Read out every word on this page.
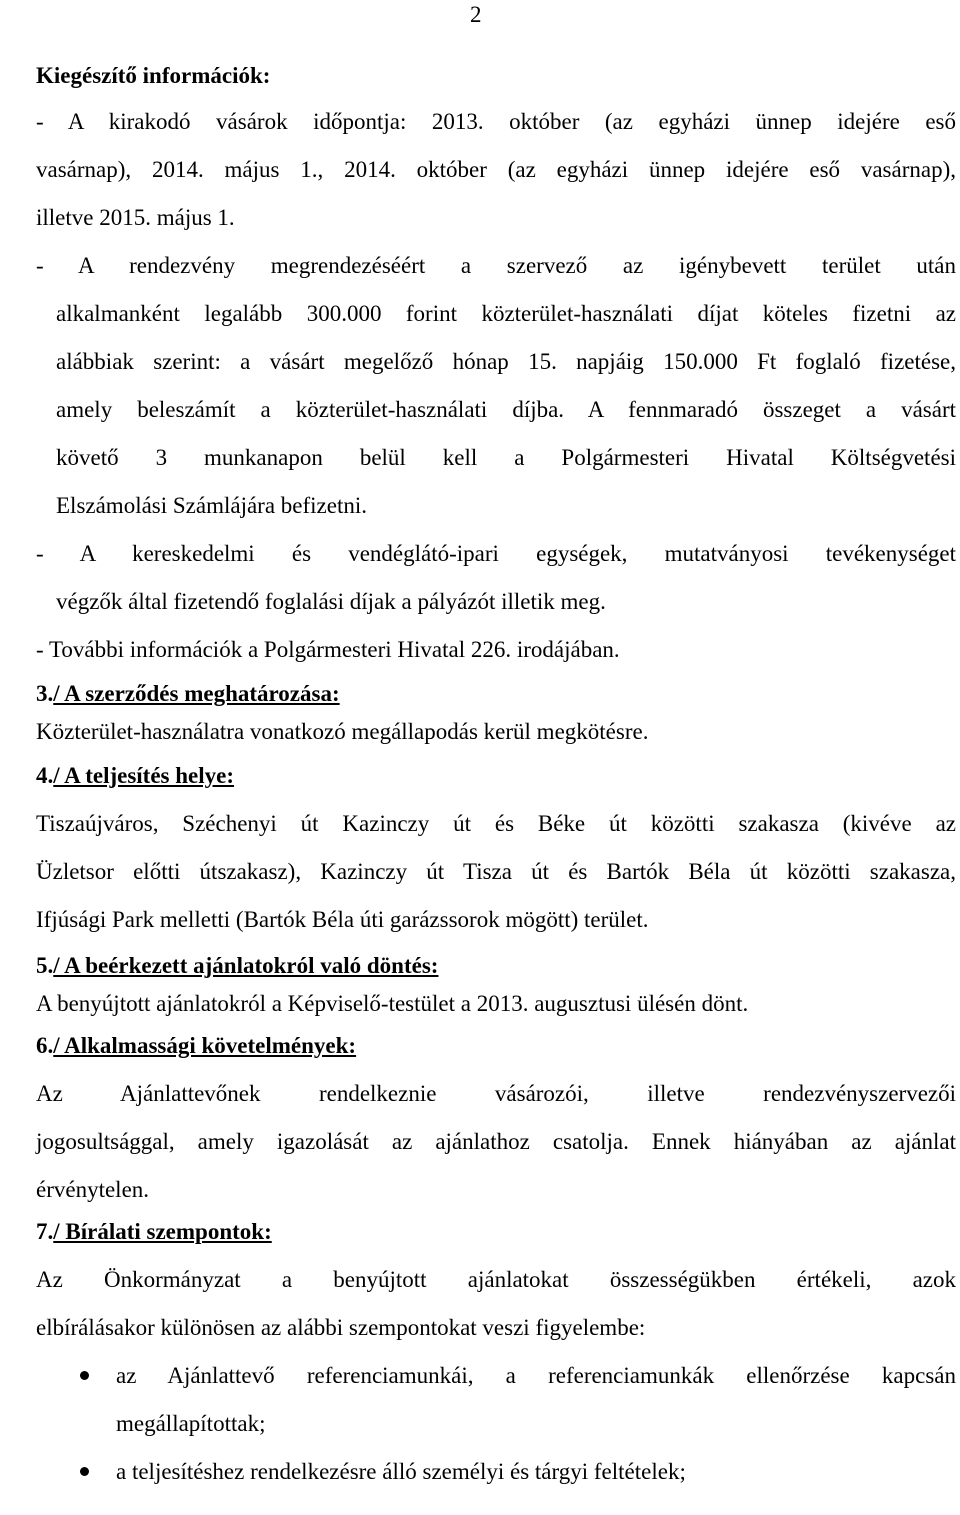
2
Kiegészítő információk:
- A kirakodó vásárok időpontja: 2013. október (az egyházi ünnep idejére eső
vasárnap), 2014. május 1., 2014. október (az egyházi ünnep idejére eső vasárnap),
illetve 2015. május 1.
- A rendezvény megrendezéséért a szervező az igénybevett terület után
alkalmanként legalább 300.000 forint közterület-használati díjat köteles fizetni az
alábbiak szerint: a vásárt megelőző hónap 15. napjáig 150.000 Ft foglaló fizetése,
amely beleszámít a közterület-használati díjba. A fennmaradó összeget a vásárt
követő 3 munkanapon belül kell a Polgármesteri Hivatal Költségvetési
Elszámolási Számlájára befizetni.
- A kereskedelmi és vendéglátó-ipari egységek, mutatványosi tevékenységet
végzők által fizetendő foglalási díjak a pályázót illetik meg.
- További információk a Polgármesteri Hivatal 226. irodájában.
3./ A szerződés meghatározása:
Közterület-használatra vonatkozó megállapodás kerül megkötésre.
4./ A teljesítés helye:
Tiszaújváros, Széchenyi út Kazinczy út és Béke út közötti szakasza (kivéve az
Üzletsor előtti útszakasz), Kazinczy út Tisza út és Bartók Béla út közötti szakasza,
Ifjúsági Park melletti (Bartók Béla úti garázssorok mögött) terület.
5./ A beérkezett ajánlatokról való döntés:
A benyújtott ajánlatokról a Képviselő-testület a 2013. augusztusi ülésén dönt.
6./ Alkalmassági követelmények:
Az Ajánlattevőnek rendelkeznie vásározói, illetve rendezvényszervezői
jogosultsággal, amely igazolását az ajánlathoz csatolja. Ennek hiányában az ajánlat
érvénytelen.
7./ Bírálati szempontok:
Az Önkormányzat a benyújtott ajánlatokat összességükben értékeli, azok
elbírálásakor különösen az alábbi szempontokat veszi figyelembe:
az Ajánlattevő referenciamunkái, a referenciamunkák ellenőrzése kapcsán
megállapítottak;
a teljesítéshez rendelkezésre álló személyi és tárgyi feltételek;
